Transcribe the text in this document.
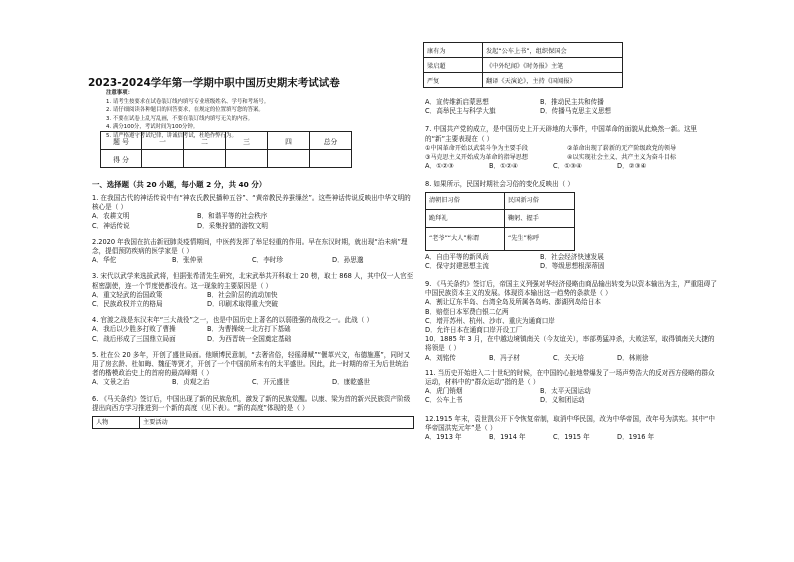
2023-2024学年第一学期中职中国历史期末考试试卷
注意事项：
1. 请考生按要求在试卷装订线内填写专业班级姓名、学号和考场号。
2. 请仔细阅读各种题目的回答要求，在规定的位置填写您的答案。
3. 不要在试卷上乱写乱画，不要在装订线内填写无关的内容。
4. 满分100分，考试时间为100分钟。
5. 请严格遵守考试纪律，讲诚信考试，杜绝作弊行为。
题 号	一	二	三	四	总分
得 分					
一、选择题（共 20 小题，每小题 2 分，共 40 分）

1. 在我国古代的神话传说中有“神农氏教民播种五谷”、“黄帝教民养蚕缫丝”。这些神话传说反映出中华文明的核心是（ ）

A．农耕文明	B．和谐平等的社会秩序
C．神话传说	D．采集狩猎的游牧文明

2.2020 年我国在抗击新冠肺炎疫情期间，中医药发挥了举足轻重的作用。早在东汉时期，就出现“治未病”理念，提倡预防疾病的医学家是（ ）

A．华佗	B．张仲景	C．李时珍	D．孙思邈

3. 宋代以武学来选拔武将，但据张希清先生研究，北宋武举共开科取士 20 榜，取士 868 人，其中仅一人官至枢密副使，连一个节度使都没有。这一现象的主要原因是（ ）

A．重文轻武的治国政策	B．社会阶层的流动加快
C．民族政权并立的格局	D．印刷术取得重大突破

4. 官渡之战是东汉末年“三大战役”之一，也是中国历史上著名的以弱胜强的战役之一。此战（ ）

A．我后以少胜多打败了曹操	B．为曹操统一北方打下基础
C．战后形成了三国鼎立局面	D．为西晋统一全国奠定基础

5. 杜在公 20 多年，开创了盛世局面。他顺博民意制，“去奢省俗，轻徭薄赋”“偃革兴文，布德施惠”，同时又用了房玄龄、杜如晦、魏征等贤才，开创了一个中国前所未有的太平盛世。因此，此一时期的帝王为后世统治者的楷模政治史上的首府的最高峰期（ ）

A．文景之治	B．贞观之治	C．开元盛世	D．康乾盛世

6. 《马关条约》签订后，中国出现了新的民族危机，激发了新的民族觉醒。以康、梁为首的新兴民族资产阶级提出向西方学习推进到一个新的高度（见下表）。“新的高度”体现的是（ ）

人物	主要活动
康有为	发起“公车上书”，组织保国会
梁启超	《中外纪闻》《时务报》主笔
严复	翻译《天演论》，主持《国闻报》
A．宣传维新启蒙思想	B．推动民主共和传播
C．高举民主与科学大旗	D．传播马克思主义思想

7. 中国共产党的成立，是中国历史上开天辟地的大事件，中国革命的面貌从此焕然一新。这里的“新”主要表现在（ ）

①中国革命开始以武装斗争为主要手段	②革命出现了崭新的无产阶级政党的领导
③马克思主义开始成为革命的指导思想	④以实现社会主义、共产主义为奋斗目标
A．①②③	B．①②④	C．①③④	D．②③④

8. 如果所示，民国时期社会习俗的变化反映出（ ）

清朝旧习俗	民国新习俗
跪拜礼	鞠躬、握手
“老爷”“大人”称谓	“先生”称呼
A．自由平等的新风尚	B．社会经济快速发展
C．保守封建思想主流	D．等级思想根深蒂固

9. 《马关条约》签订后，帝国主义列强对华经济侵略由商品输出转变为以资本输出为主，严重阻碍了中国民族资本主义的发展。体现资本输出这一趋势的条款是（ ）

A．割让辽东半岛、台湾全岛及所属各岛屿、澎湖列岛给日本
B．赔偿日本军费白银二亿两
C．增开苏州、杭州、沙市、重庆为通商口岸
D．允许日本在通商口岸开设工厂

10．1885 年 3 月，在中越边境镇南关（今友谊关），率部勇猛冲杀，大败法军，取得镇南关大捷的将领是（ ）

A．刘铭传	B．冯子材	C．关天培	D．林则徐

11. 当历史开始进入二十世纪的时候，在中国的心脏地带爆发了一场声势浩大的反对西方侵略的群众运动，材料中的“群众运动”指的是（ ）

A．虎门销烟	B．太平天国运动
C．公车上书	D．义和团运动

12.1915 年末，袁世凯公开下令恢复帝制，取消中华民国，改为中华帝国，改年号为洪宪。其中“中华帝国洪宪元年”是（ ）

A．1913 年	B．1914 年	C．1915 年	D．1916 年
